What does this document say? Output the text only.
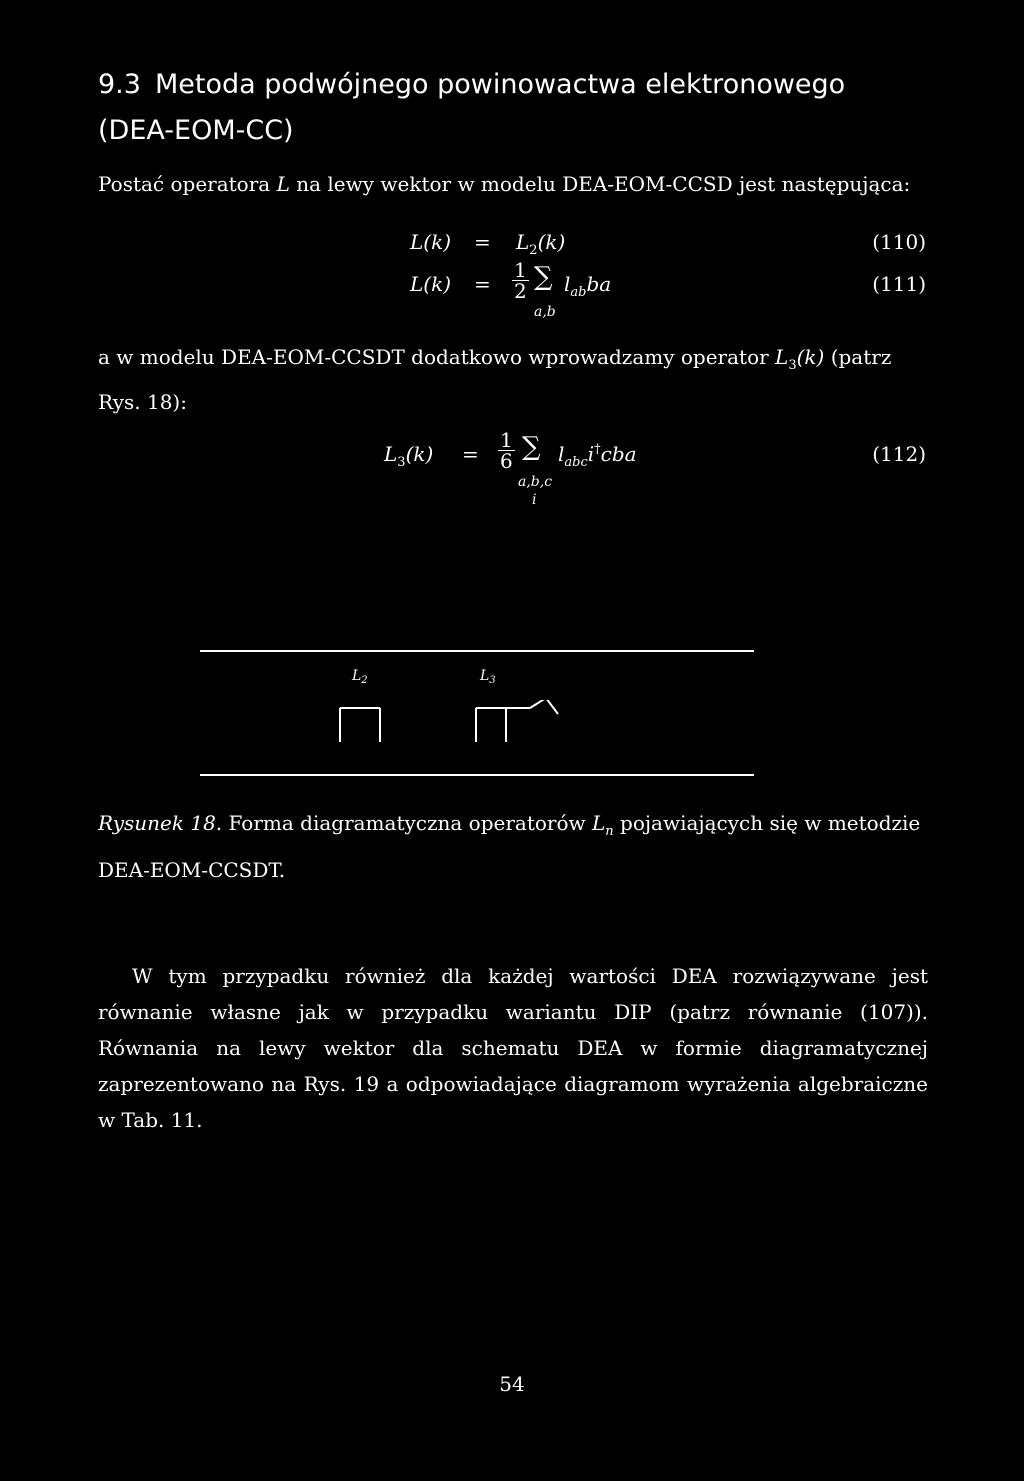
9.3 Metoda podwójnego powinowactwa elektronowego
(DEA-EOM-CC)
Postać operatora L na lewy wektor w modelu DEA-EOM-CCSD jest następująca:
$L(k) = L_2(k)$	(110)
$L(k) = \frac{1}{2}$ ∑
a,b
$l_{ab}ba$	(111)
a w modelu DEA-EOM-CCSDT dodatkowo wprowadzamy operator $L_3(k)$ (patrz Rys. 18):
$L_3(k) = \frac{1}{6}$ ∑
a,b,c
i
$l_{abc}i^\dagger cba$	(112)
$L_2$	$L_3$
Rysunek 18. Forma diagramatyczna operatorów $L_n$ pojawiających się w metodzie DEA-EOM-CCSDT.
W tym przypadku również dla każdej wartości DEA rozwiązywane jest równanie własne jak w przypadku wariantu DIP (patrz równanie (107)). Równania na lewy wektor dla schematu DEA w formie diagramatycznej zaprezentowano na Rys. 19 a odpowiadające diagramom wyrażenia algebraiczne w Tab. 11.
54
